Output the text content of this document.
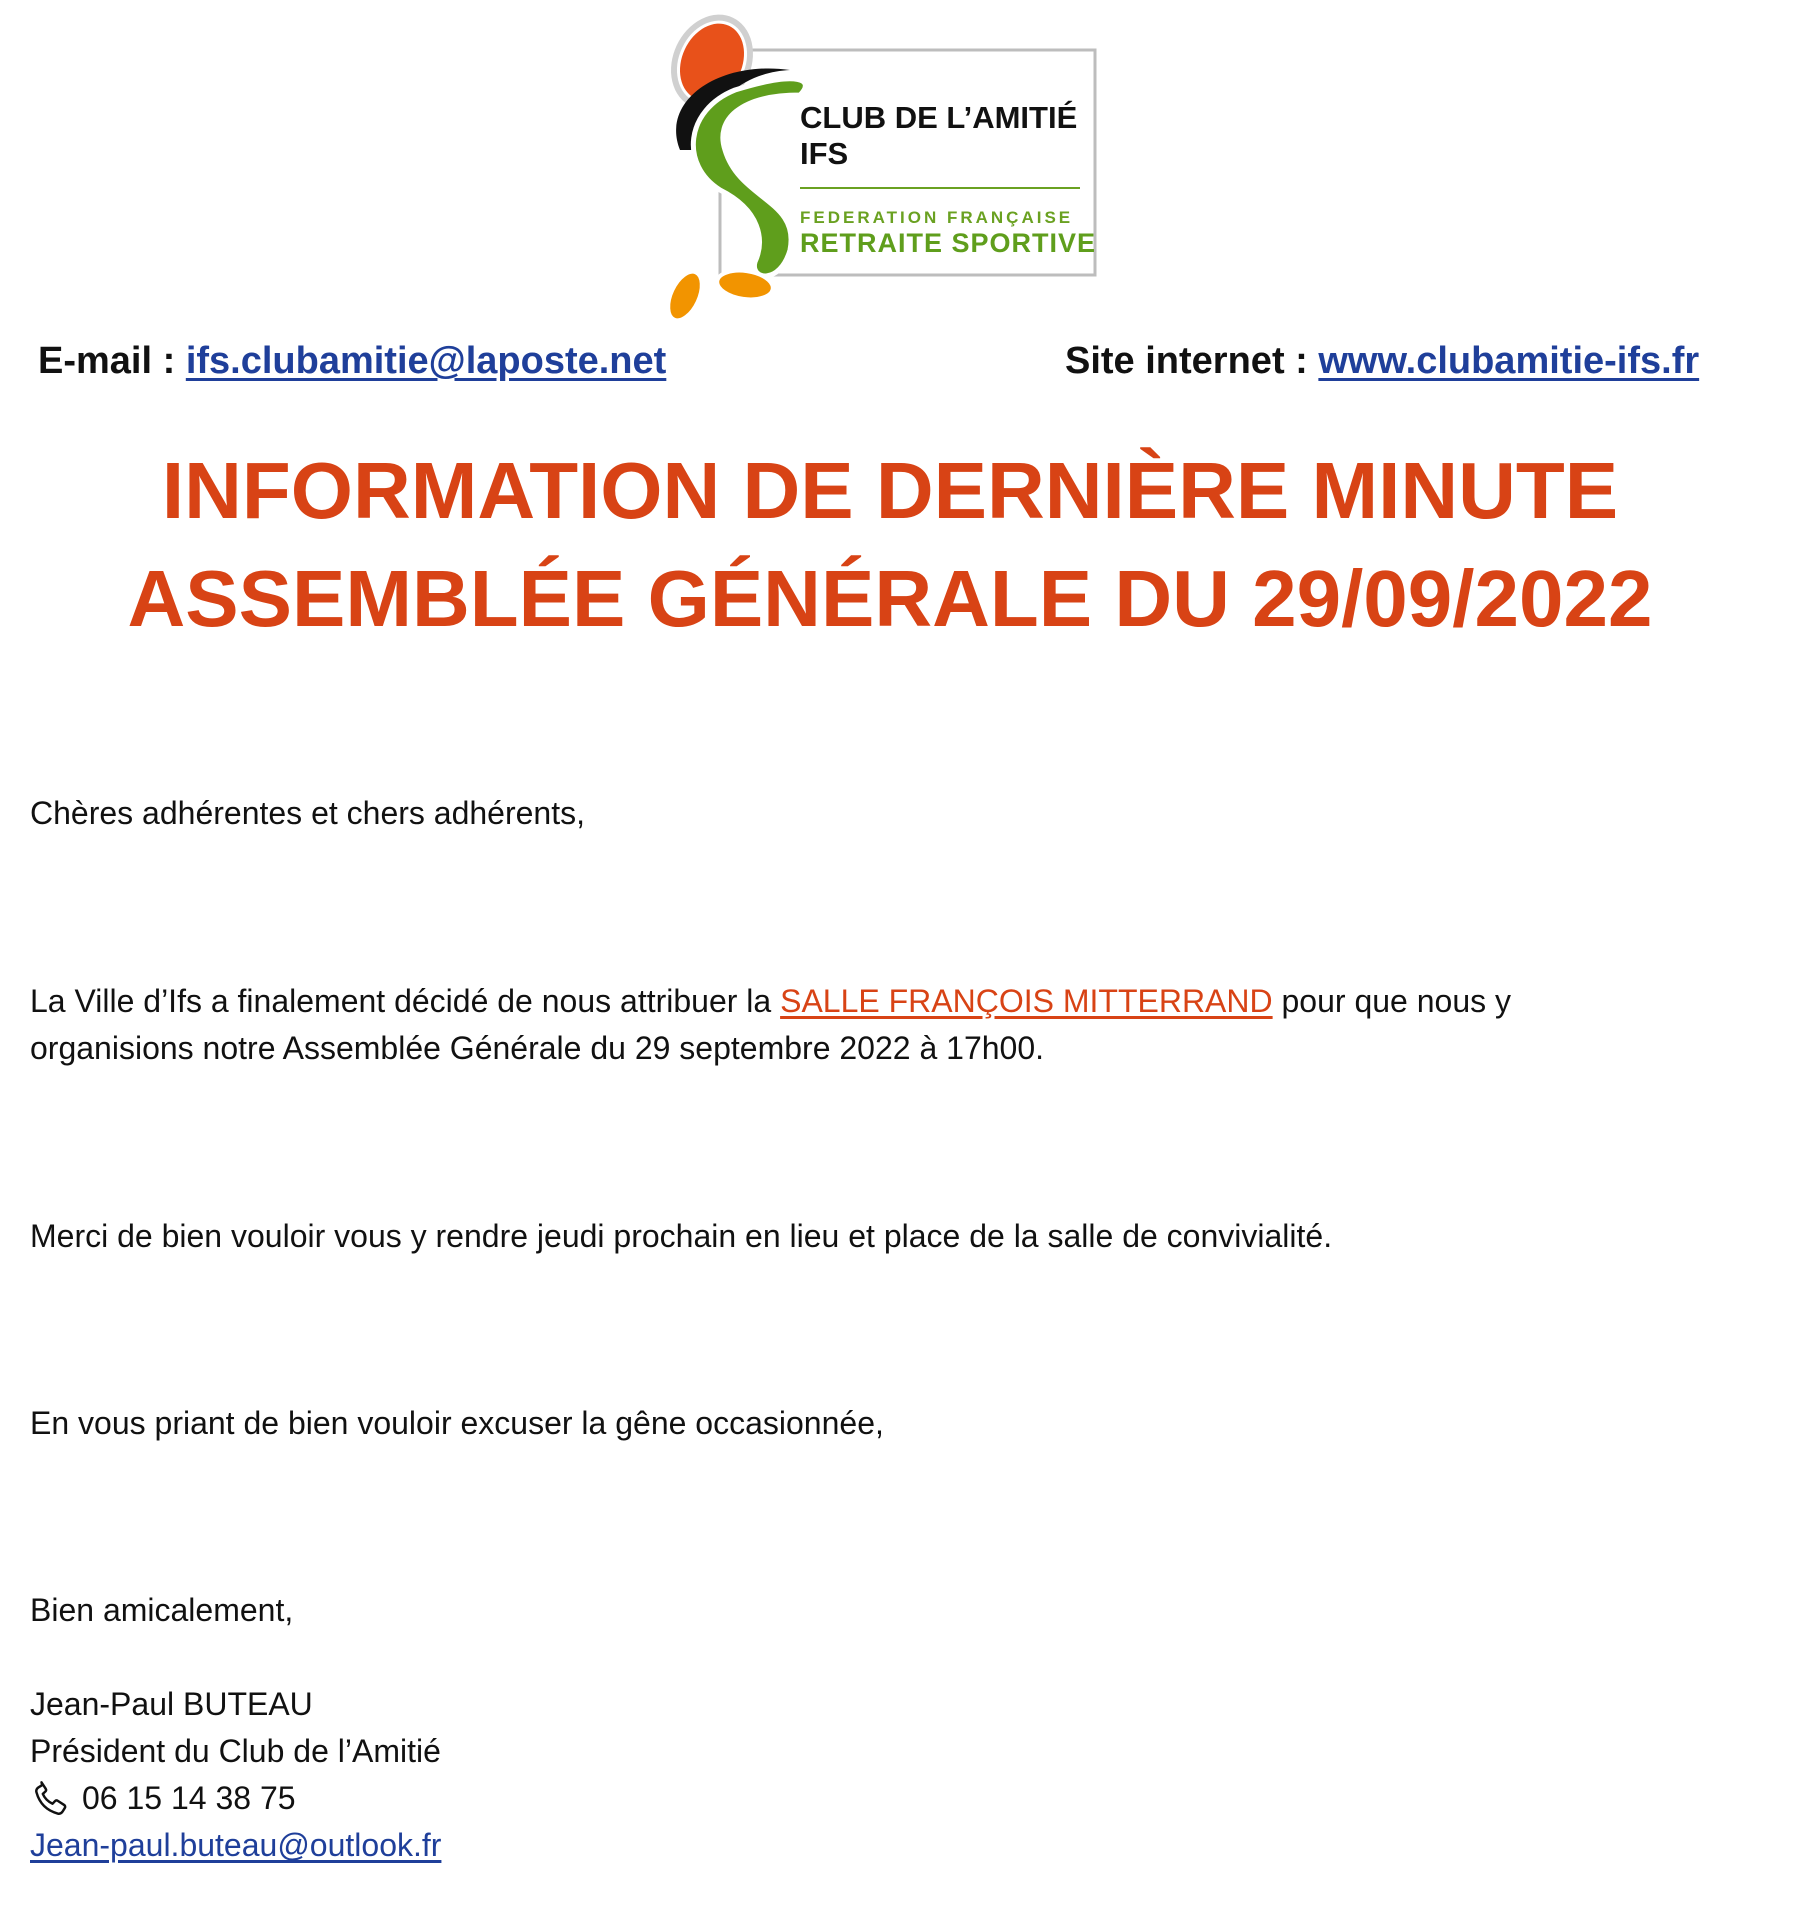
CLUB DE L’AMITIÉ
IFS
FEDERATION FRANÇAISE
RETRAITE SPORTIVE
E-mail : ifs.clubamitie@laposte.net	Site internet : www.clubamitie-ifs.fr
INFORMATION DE DERNIÈRE MINUTE
ASSEMBLÉE GÉNÉRALE DU 29/09/2022
Chères adhérentes et chers adhérents,
La Ville d’Ifs a finalement décidé de nous attribuer la SALLE FRANÇOIS MITTERRAND pour que nous y
organisions notre Assemblée Générale du 29 septembre 2022 à 17h00.
Merci de bien vouloir vous y rendre jeudi prochain en lieu et place de la salle de convivialité.
En vous priant de bien vouloir excuser la gêne occasionnée,
Bien amicalement,
Jean-Paul BUTEAU
Président du Club de l’Amitié
06 15 14 38 75
Jean-paul.buteau@outlook.fr
